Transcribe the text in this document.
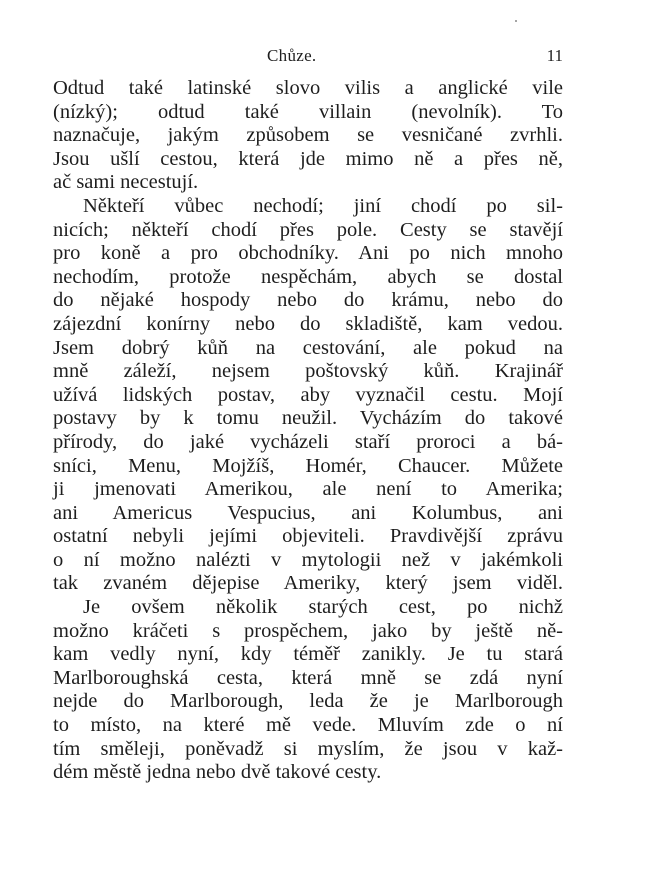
Chůze.	11
Odtud také latinské slovo vilis a anglické vile
(nízký); odtud také villain (nevolník). To
naznačuje, jakým způsobem se vesničané zvrhli.
Jsou ušlí cestou, která jde mimo ně a přes ně,
ač sami necestují.
Někteří vůbec nechodí; jiní chodí po sil-
nicích; někteří chodí přes pole. Cesty se stavějí
pro koně a pro obchodníky. Ani po nich mnoho
nechodím, protože nespěchám, abych se dostal
do nějaké hospody nebo do krámu, nebo do
zájezdní konírny nebo do skladiště, kam vedou.
Jsem dobrý kůň na cestování, ale pokud na
mně záleží, nejsem poštovský kůň. Krajinář
užívá lidských postav, aby vyznačil cestu. Mojí
postavy by k tomu neužil. Vycházím do takové
přírody, do jaké vycházeli staří proroci a bá-
sníci, Menu, Mojžíš, Homér, Chaucer. Můžete
ji jmenovati Amerikou, ale není to Amerika;
ani Americus Vespucius, ani Kolumbus, ani
ostatní nebyli jejími objeviteli. Pravdivější zprávu
o ní možno nalézti v mytologii než v jakémkoli
tak zvaném dějepise Ameriky, který jsem viděl.
Je ovšem několik starých cest, po nichž
možno kráčeti s prospěchem, jako by ještě ně-
kam vedly nyní, kdy téměř zanikly. Je tu stará
Marlboroughská cesta, která mně se zdá nyní
nejde do Marlborough, leda že je Marlborough
to místo, na které mě vede. Mluvím zde o ní
tím směleji, poněvadž si myslím, že jsou v kaž-
dém městě jedna nebo dvě takové cesty.
